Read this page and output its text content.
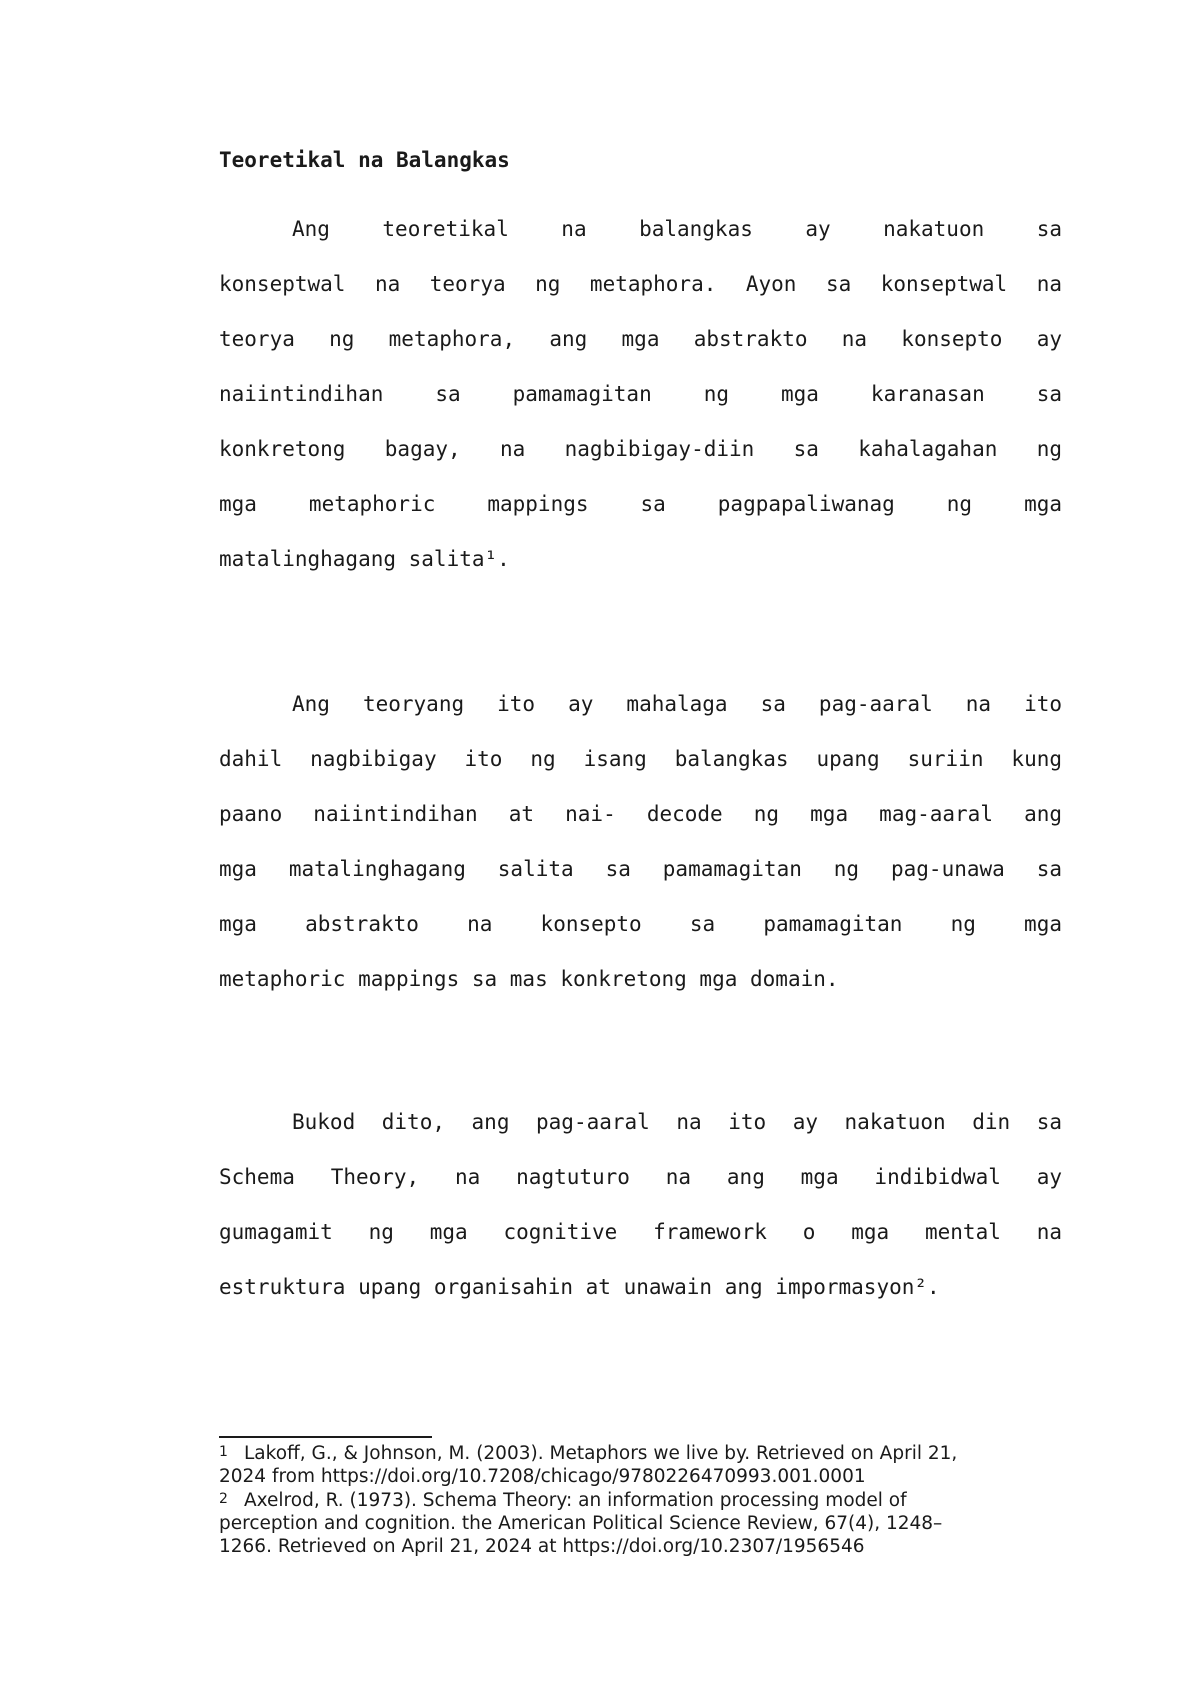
Teoretikal na Balangkas
Ang teoretikal na balangkas ay nakatuon sa
konseptwal na teorya ng metaphora. Ayon sa konseptwal na
teorya ng metaphora, ang mga abstrakto na konsepto ay
naiintindihan sa pamamagitan ng mga karanasan sa
konkretong bagay, na nagbibigay-diin sa kahalagahan ng
mga metaphoric mappings sa pagpapaliwanag ng mga
matalinghagang salita¹.
Ang teoryang ito ay mahalaga sa pag-aaral na ito
dahil nagbibigay ito ng isang balangkas upang suriin kung
paano naiintindihan at nai- decode ng mga mag-aaral ang
mga matalinghagang salita sa pamamagitan ng pag-unawa sa
mga abstrakto na konsepto sa pamamagitan ng mga
metaphoric mappings sa mas konkretong mga domain.
Bukod dito, ang pag-aaral na ito ay nakatuon din sa
Schema Theory, na nagtuturo na ang mga indibidwal ay
gumagamit ng mga cognitive framework o mga mental na
estruktura upang organisahin at unawain ang impormasyon².
1 Lakoff, G., & Johnson, M. (2003). Metaphors we live by. Retrieved on April 21,
2024 from https://doi.org/10.7208/chicago/9780226470993.001.0001
2 Axelrod, R. (1973). Schema Theory: an information processing model of
perception and cognition. the American Political Science Review, 67(4), 1248–
1266. Retrieved on April 21, 2024 at https://doi.org/10.2307/1956546
